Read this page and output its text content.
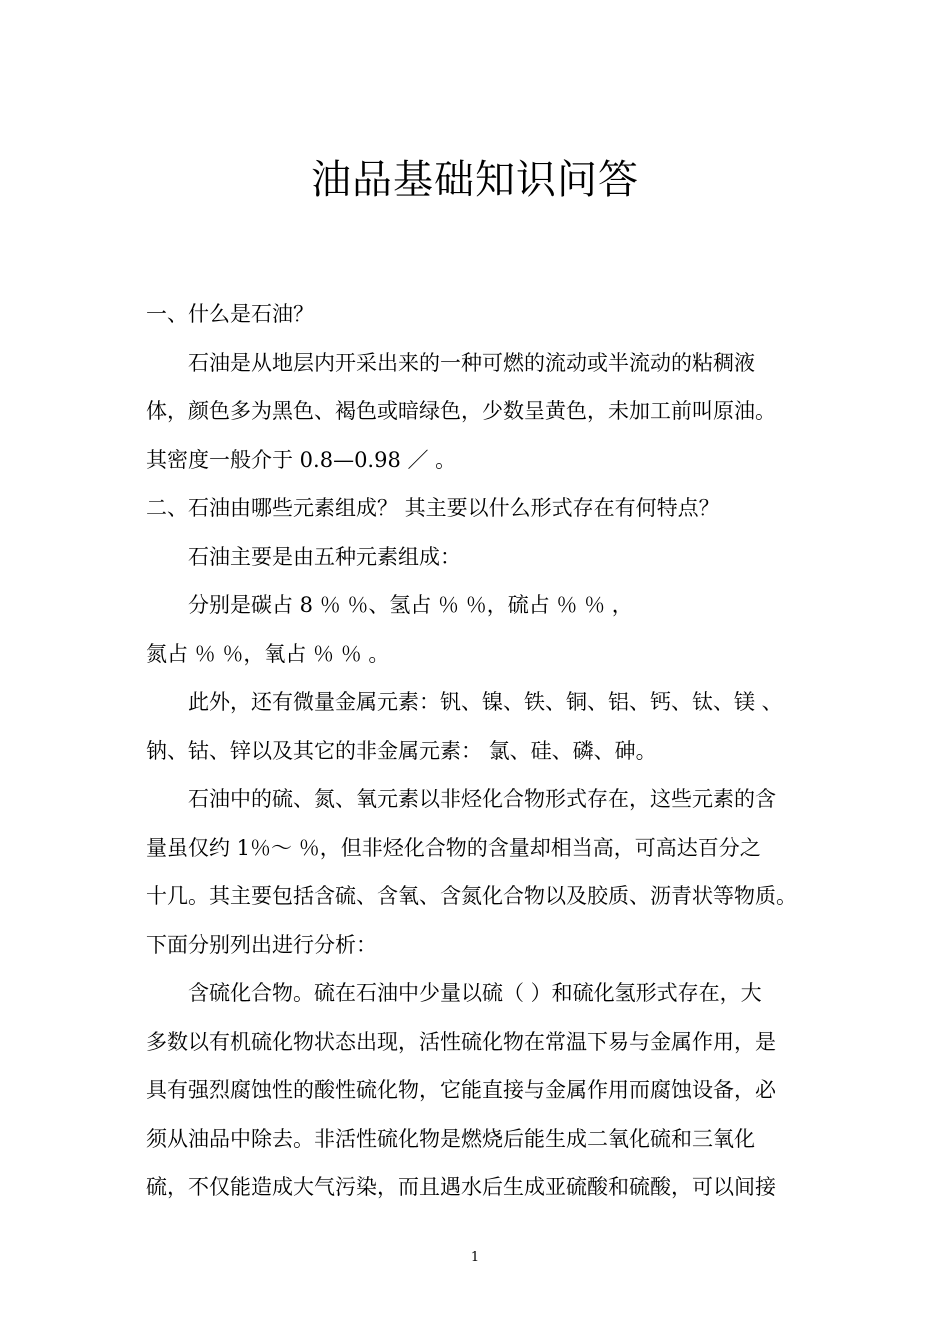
油品基础知识问答
一、什么是石油？
石油是从地层内开采出来的一种可燃的流动或半流动的粘稠液
体，颜色多为黑色、褐色或暗绿色，少数呈黄色，未加工前叫原油。
其密度一般介于 0.8—0.98 ／ 。
二、石油由哪些元素组成？ 其主要以什么形式存在有何特点？
石油主要是由五种元素组成：
分别是碳占 8 ％ ％、氢占 ％ ％，硫占 ％ ％ ，
氮占 ％ ％，氧占 ％ ％ 。
此外，还有微量金属元素：钒、镍、铁、铜、铝、钙、钛、镁 、
钠、钴、锌以及其它的非金属元素： 氯、硅、磷、砷。
石油中的硫、氮、氧元素以非烃化合物形式存在，这些元素的含
量虽仅约 1％～ ％，但非烃化合物的含量却相当高，可高达百分之
十几。其主要包括含硫、含氧、含氮化合物以及胶质、沥青状等物质。
下面分别列出进行分析：
含硫化合物。硫在石油中少量以硫（ ）和硫化氢形式存在，大
多数以有机硫化物状态出现，活性硫化物在常温下易与金属作用，是
具有强烈腐蚀性的酸性硫化物，它能直接与金属作用而腐蚀设备，必
须从油品中除去。非活性硫化物是燃烧后能生成二氧化硫和三氧化
硫，不仅能造成大气污染，而且遇水后生成亚硫酸和硫酸，可以间接
1
